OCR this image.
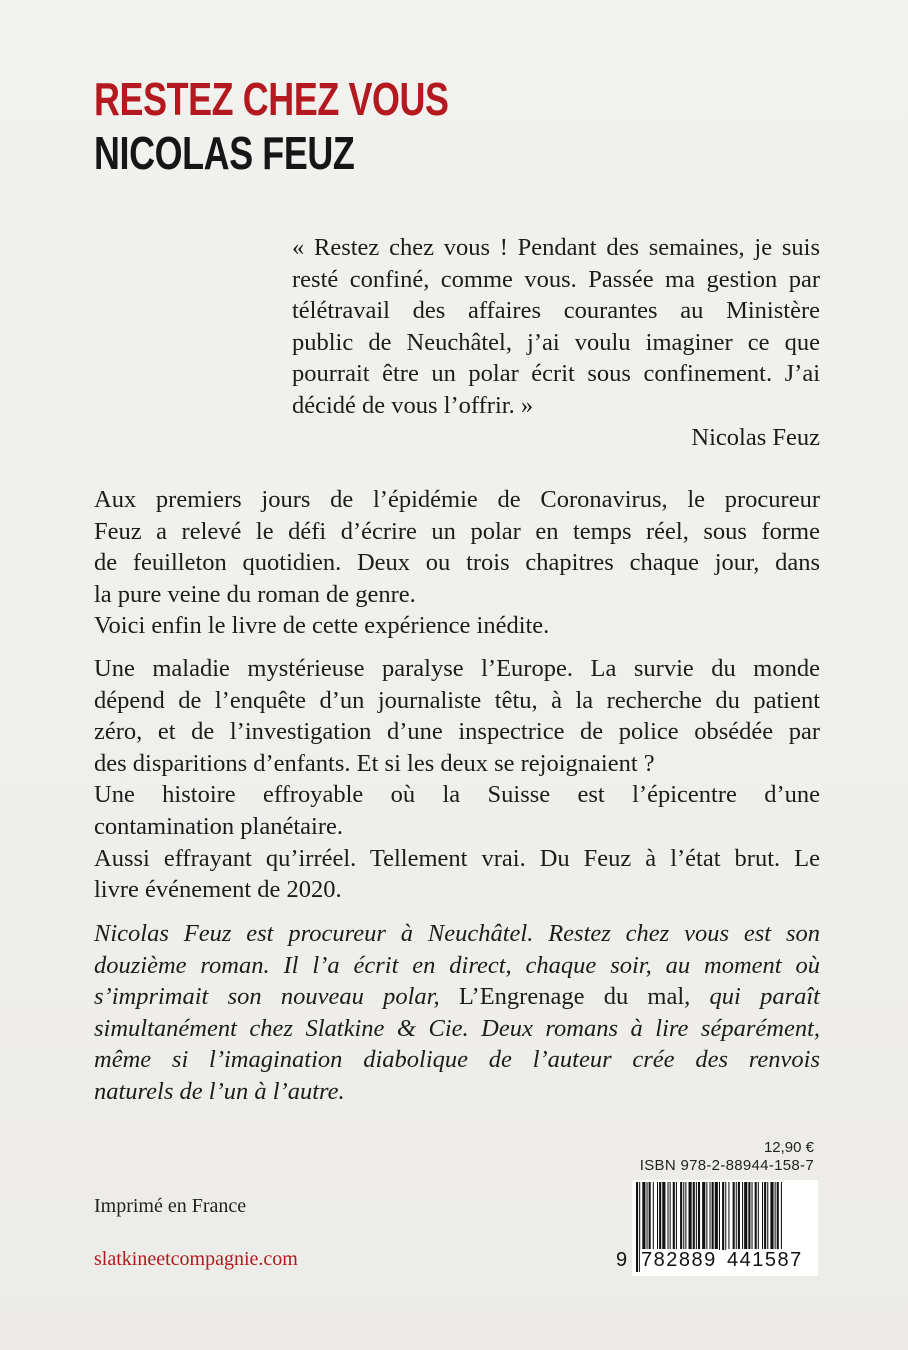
RESTEZ CHEZ VOUS
NICOLAS FEUZ
« Restez chez vous ! Pendant des semaines, je suis
resté confiné, comme vous. Passée ma gestion par
télétravail des affaires courantes au Ministère
public de Neuchâtel, j’ai voulu imaginer ce que
pourrait être un polar écrit sous confinement. J’ai
décidé de vous l’offrir. »
Nicolas Feuz
Aux premiers jours de l’épidémie de Coronavirus, le procureur
Feuz a relevé le défi d’écrire un polar en temps réel, sous forme
de feuilleton quotidien. Deux ou trois chapitres chaque jour, dans
la pure veine du roman de genre.
Voici enfin le livre de cette expérience inédite.
Une maladie mystérieuse paralyse l’Europe. La survie du monde
dépend de l’enquête d’un journaliste têtu, à la recherche du patient
zéro, et de l’investigation d’une inspectrice de police obsédée par
des disparitions d’enfants. Et si les deux se rejoignaient ?
Une histoire effroyable où la Suisse est l’épicentre d’une
contamination planétaire.
Aussi effrayant qu’irréel. Tellement vrai. Du Feuz à l’état brut. Le
livre événement de 2020.
Nicolas Feuz est procureur à Neuchâtel. Restez chez vous est son
douzième roman. Il l’a écrit en direct, chaque soir, au moment où
s’imprimait son nouveau polar, L’Engrenage du mal, qui paraît
simultanément chez Slatkine & Cie. Deux romans à lire séparément,
même si l’imagination diabolique de l’auteur crée des renvois
naturels de l’un à l’autre.
Imprimé en France
slatkineetcompagnie.com
12,90 €
ISBN 978-2-88944-158-7
9 782889 441587
